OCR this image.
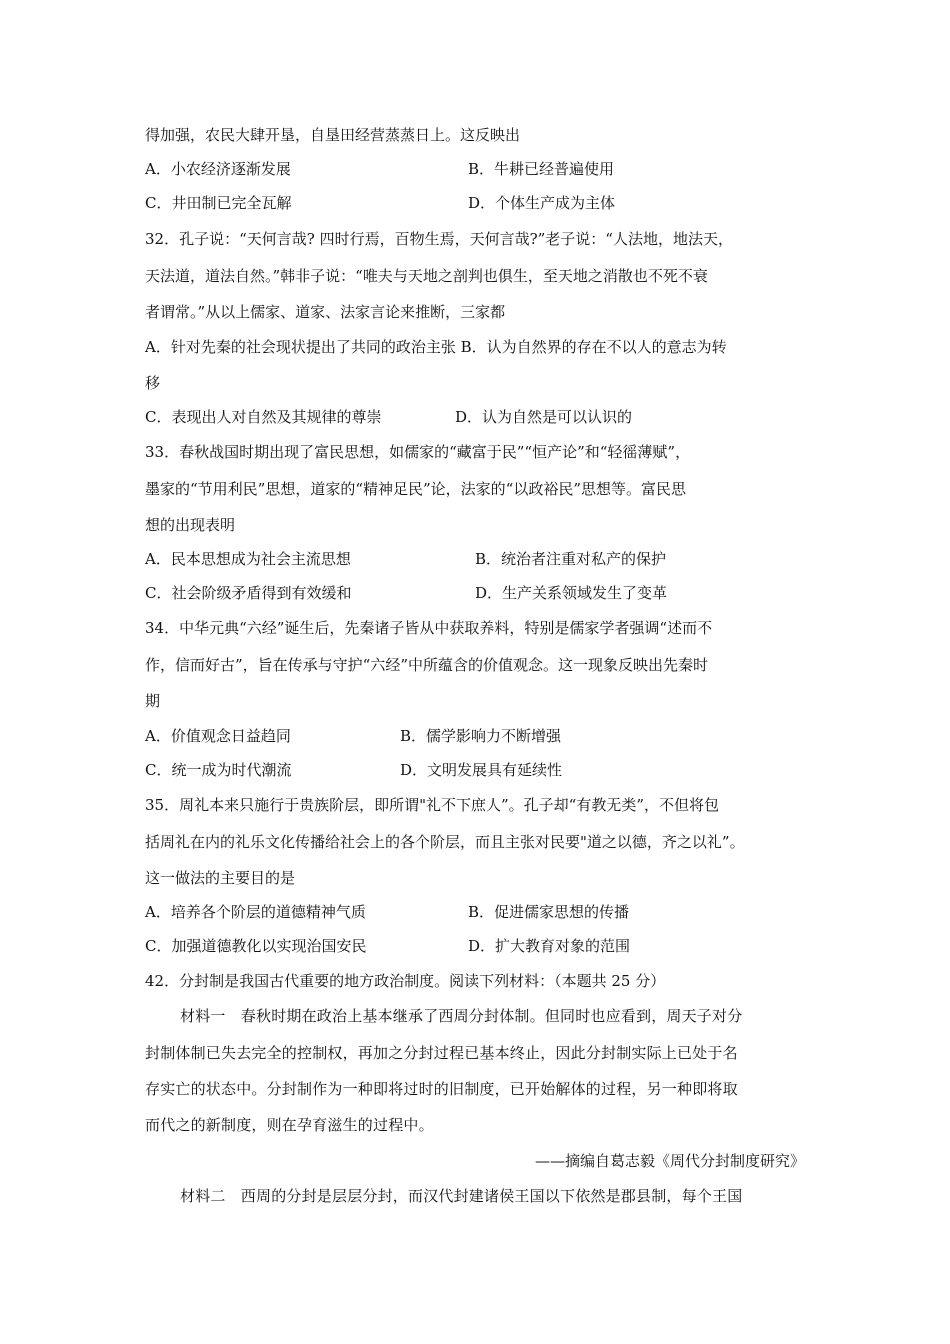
得加强，农民大肆开垦，自垦田经营蒸蒸日上。这反映出
A．小农经济逐渐发展	B．牛耕已经普遍使用
C．井田制已完全瓦解	D．个体生产成为主体
32．孔子说：“天何言哉? 四时行焉，百物生焉，天何言哉?”老子说：“人法地，地法天，
天法道，道法自然。”韩非子说：“唯夫与天地之剖判也俱生，至天地之消散也不死不衰
者谓常。”从以上儒家、道家、法家言论来推断，三家都
A．针对先秦的社会现状提出了共同的政治主张 B．认为自然界的存在不以人的意志为转
移
C．表现出人对自然及其规律的尊崇	D．认为自然是可以认识的
33．春秋战国时期出现了富民思想，如儒家的“藏富于民”“恒产论”和“轻徭薄赋”，
墨家的“节用利民”思想，道家的“精神足民”论，法家的“以政裕民”思想等。富民思
想的出现表明
A．民本思想成为社会主流思想	B．统治者注重对私产的保护
C．社会阶级矛盾得到有效缓和	D．生产关系领域发生了变革
34．中华元典“六经”诞生后，先秦诸子皆从中获取养料，特别是儒家学者强调“述而不
作，信而好古”，旨在传承与守护“六经”中所蕴含的价值观念。这一现象反映出先秦时
期
A．价值观念日益趋同	B．儒学影响力不断增强
C．统一成为时代潮流	D．文明发展具有延续性
35．周礼本来只施行于贵族阶层，即所谓"礼不下庶人”。孔子却“有教无类”，不但将包
括周礼在内的礼乐文化传播给社会上的各个阶层，而且主张对民要"道之以德，齐之以礼”。
这一做法的主要目的是
A．培养各个阶层的道德精神气质	B．促进儒家思想的传播
C．加强道德教化以实现治国安民	D．扩大教育对象的范围
42．分封制是我国古代重要的地方政治制度。阅读下列材料：（本题共 25 分）
材料一　春秋时期在政治上基本继承了西周分封体制。但同时也应看到，周天子对分
封制体制已失去完全的控制权，再加之分封过程已基本终止，因此分封制实际上已处于名
存实亡的状态中。分封制作为一种即将过时的旧制度，已开始解体的过程，另一种即将取
而代之的新制度，则在孕育滋生的过程中。
——摘编自葛志毅《周代分封制度研究》
材料二　西周的分封是层层分封，而汉代封建诸侯王国以下依然是郡县制，每个王国
